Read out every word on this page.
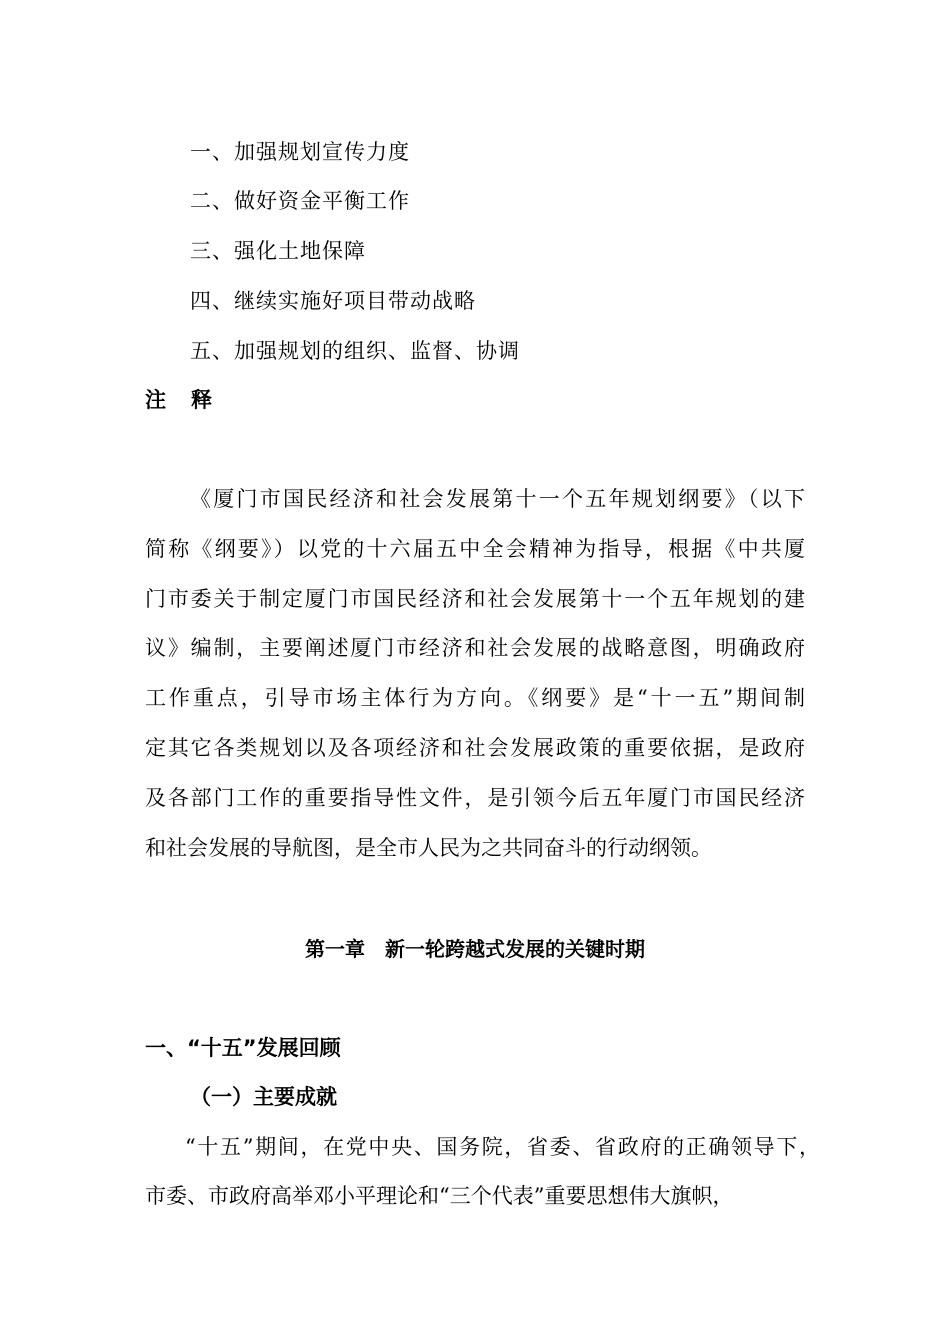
一、加强规划宣传力度
二、做好资金平衡工作
三、强化土地保障
四、继续实施好项目带动战略
五、加强规划的组织、监督、协调
注 释
《厦门市国民经济和社会发展第十一个五年规划纲要》（以下
简称《纲要》）以党的十六届五中全会精神为指导，根据《中共厦
门市委关于制定厦门市国民经济和社会发展第十一个五年规划的建
议》编制，主要阐述厦门市经济和社会发展的战略意图，明确政府
工作重点，引导市场主体行为方向。《纲要》是“十一五”期间制
定其它各类规划以及各项经济和社会发展政策的重要依据，是政府
及各部门工作的重要指导性文件，是引领今后五年厦门市国民经济
和社会发展的导航图，是全市人民为之共同奋斗的行动纲领。
第一章 新一轮跨越式发展的关键时期
一、“十五”发展回顾
（一）主要成就
“十五”期间，在党中央、国务院，省委、省政府的正确领导下，
市委、市政府高举邓小平理论和“三个代表”重要思想伟大旗帜，
